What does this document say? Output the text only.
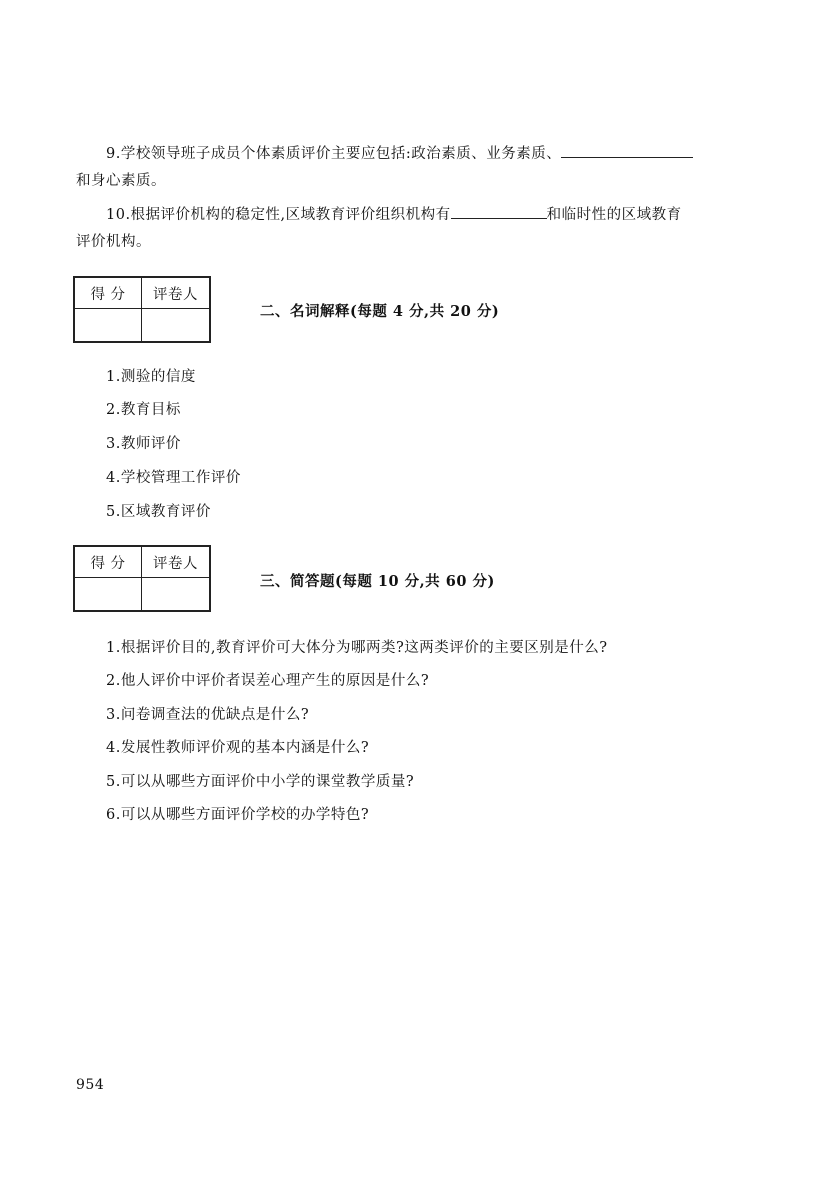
9.学校领导班子成员个体素质评价主要应包括:政治素质、业务素质、
和身心素质。
10.根据评价机构的稳定性,区域教育评价组织机构有	和临时性的区域教育
评价机构。
得 分	评卷人

二、名词解释(每题 4 分,共 20 分)
1.测验的信度
2.教育目标
3.教师评价
4.学校管理工作评价
5.区域教育评价
得 分	评卷人

三、简答题(每题 10 分,共 60 分)
1.根据评价目的,教育评价可大体分为哪两类?这两类评价的主要区别是什么?
2.他人评价中评价者误差心理产生的原因是什么?
3.问卷调查法的优缺点是什么?
4.发展性教师评价观的基本内涵是什么?
5.可以从哪些方面评价中小学的课堂教学质量?
6.可以从哪些方面评价学校的办学特色?
954
